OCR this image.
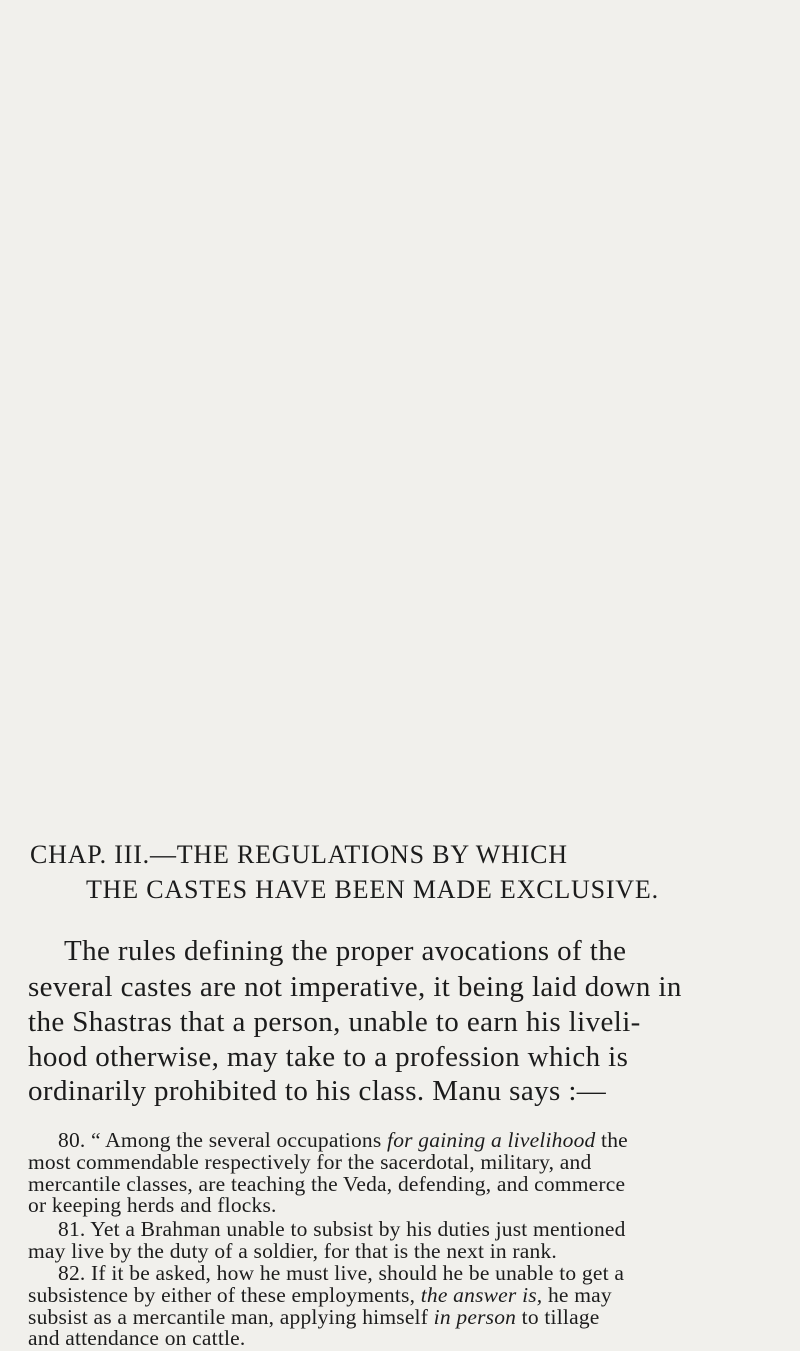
CHAP. III.—THE REGULATIONS BY WHICH
THE CASTES HAVE BEEN MADE EXCLUSIVE.
The rules defining the proper avocations of the
several castes are not imperative, it being laid down in
the Shastras that a person, unable to earn his liveli-
hood otherwise, may take to a profession which is
ordinarily prohibited to his class. Manu says :—
80. “ Among the several occupations for gaining a livelihood the
most commendable respectively for the sacerdotal, military, and
mercantile classes, are teaching the Veda, defending, and commerce
or keeping herds and flocks.
81. Yet a Brahman unable to subsist by his duties just mentioned
may live by the duty of a soldier, for that is the next in rank.
82. If it be asked, how he must live, should he be unable to get a
subsistence by either of these employments, the answer is, he may
subsist as a mercantile man, applying himself in person to tillage
and attendance on cattle.
